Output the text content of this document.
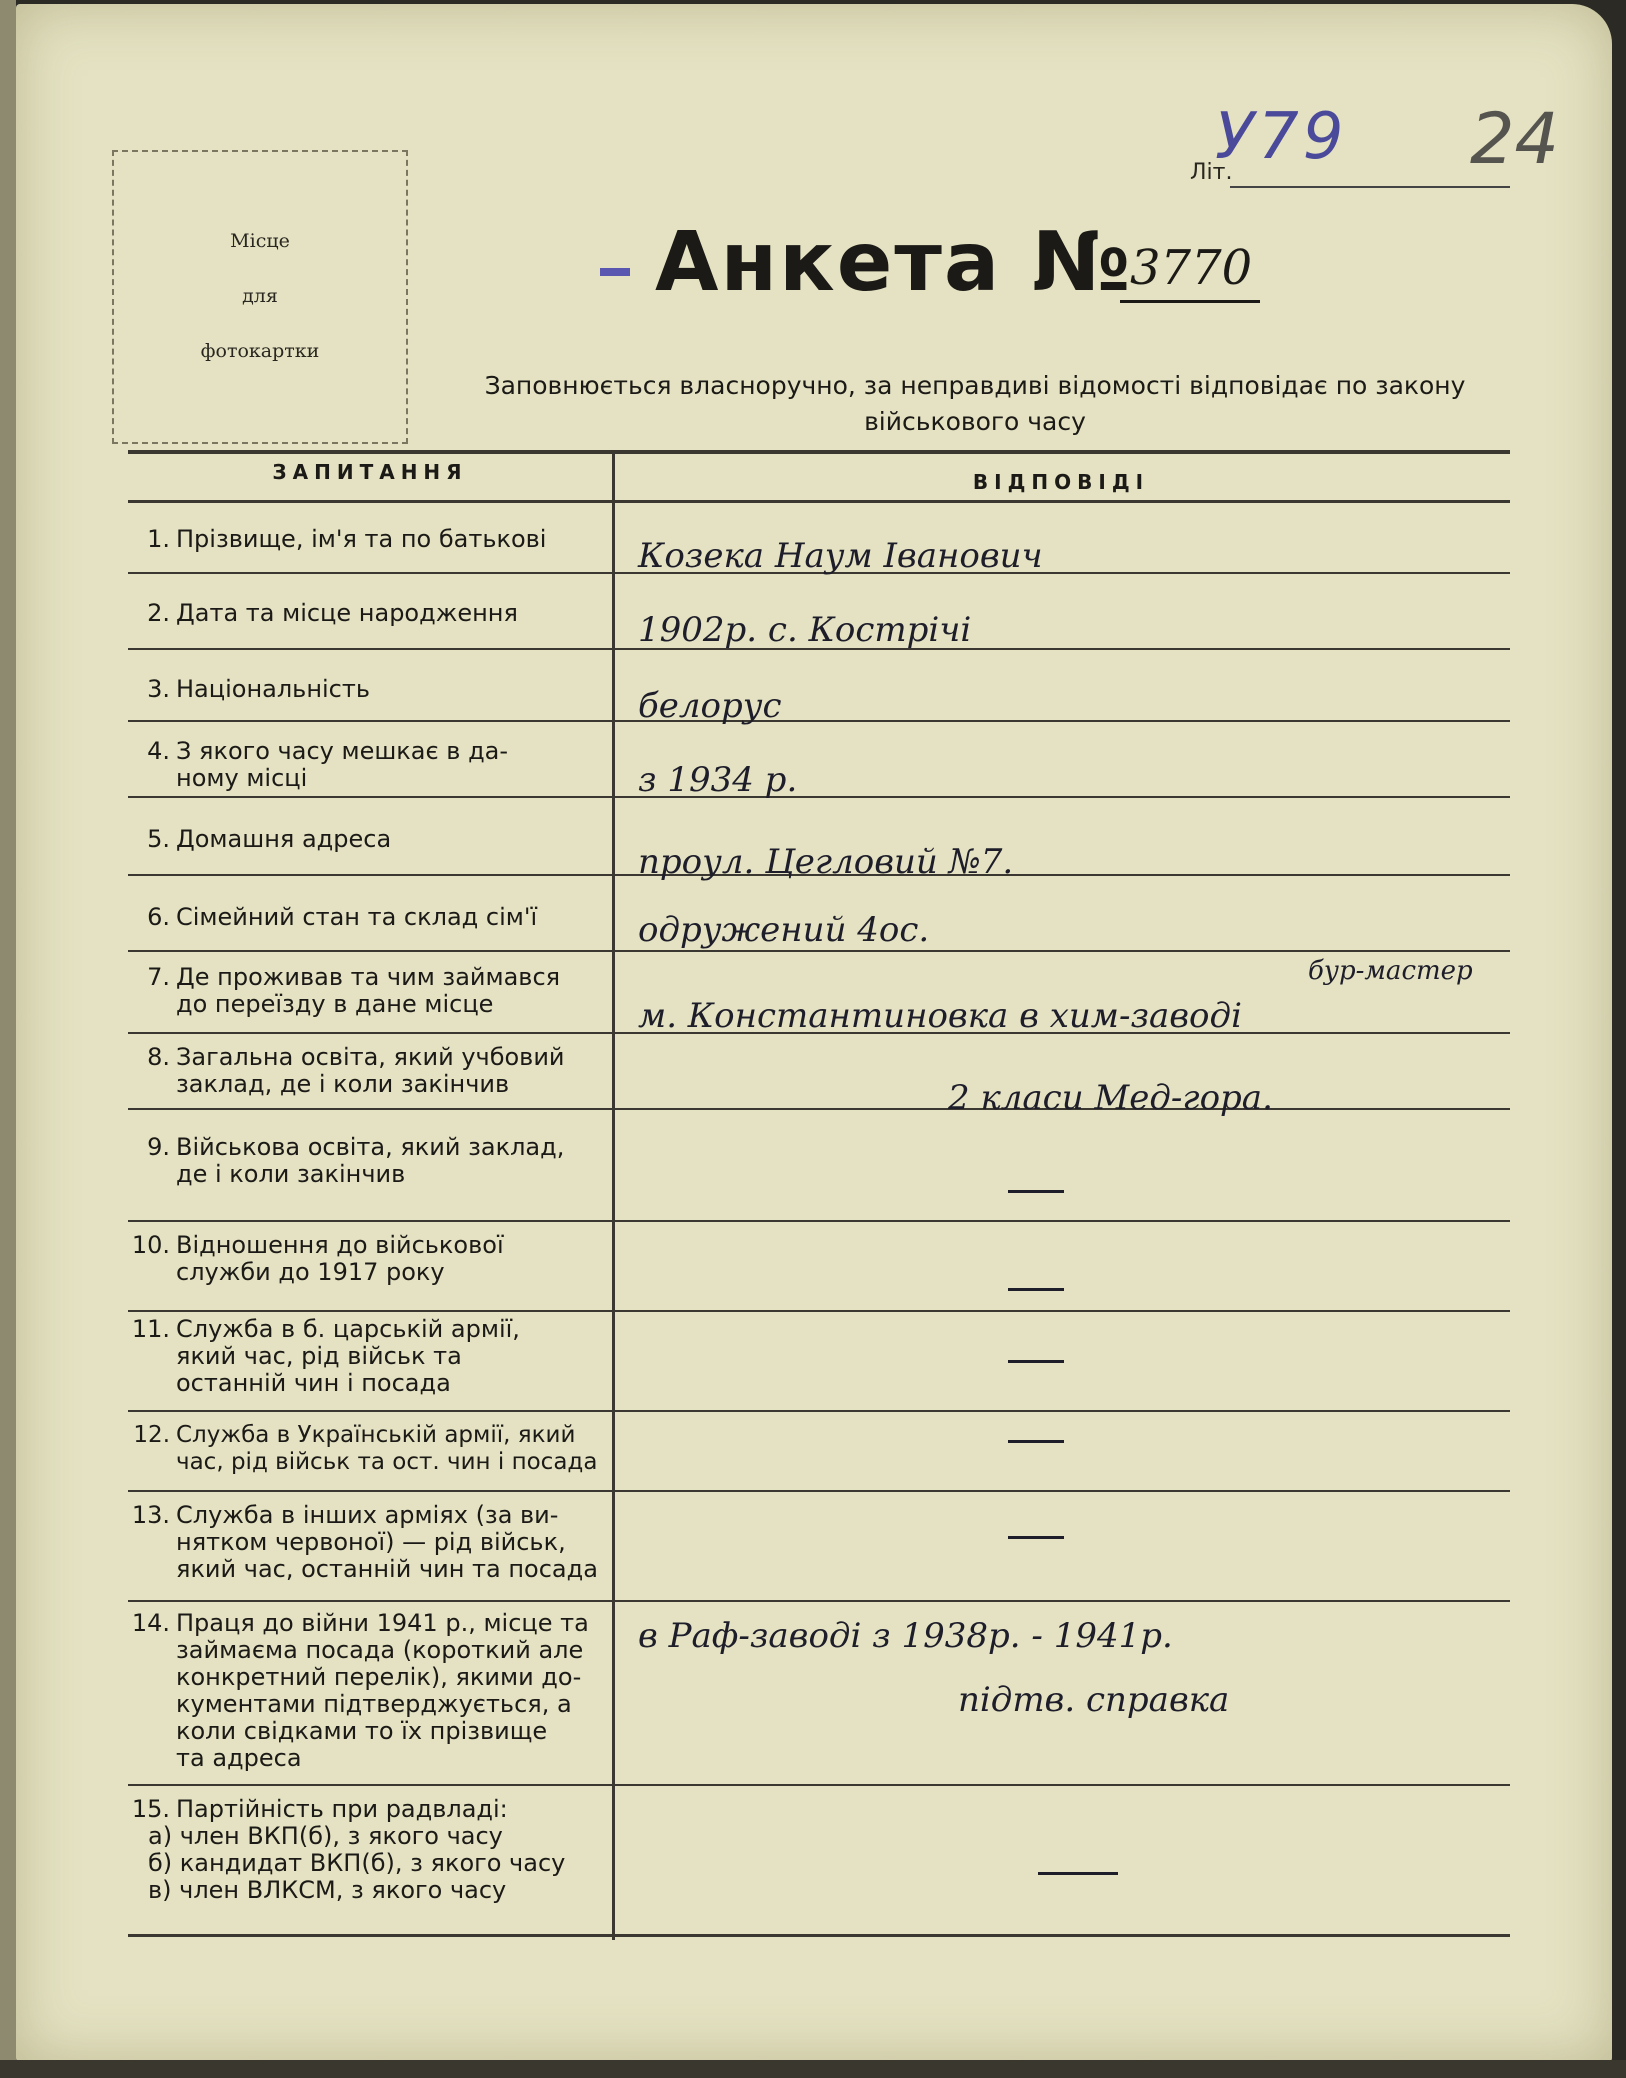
Місце
для
фотокартки
У79
Літ.	24
Анкета №
3770
Заповнюється власноручно, за неправдиві відомості відповідає по закону військового часу
ЗАПИТАННЯ	ВІДПОВІДІ
1. Прізвище, ім'я та по батькові
2. Дата та місце народження
3. Національність
4. З якого часу мешкає в да-
ному місці
5. Домашня адреса
6. Сімейний стан та склад сім'ї
7. Де проживав та чим займався
до переїзду в дане місце
8. Загальна освіта, який учбовий
заклад, де і коли закінчив
9. Військова освіта, який заклад,
де і коли закінчив
10. Відношення до військової
служби до 1917 року
11. Служба в б. царській армії,
який час, рід військ та
останній чин і посада
12. Служба в Українській армії, який
час, рід військ та ост. чин і посада
13. Служба в інших арміях (за ви-
нятком червоної) — рід військ,
який час, останній чин та посада
14. Праця до війни 1941 р., місце та
займаєма посада (короткий але
конкретний перелік), якими до-
кументами підтверджується, а
коли свідками то їх прізвище
та адреса
15. Партійність при радвладі:
а) член ВКП(б), з якого часу
б) кандидат ВКП(б), з якого часу
в) член ВЛКСМ, з якого часу
Козека Наум Іванович
1902р. с. Кострічі
белорус
з 1934 р.
проул. Цегловий №7.
одружений 4ос.
бур-мастер
м. Константиновка в хим-заводі
2 класи Мед-гора.
в Раф-заводі з 1938р. - 1941р.
підтв. справка
